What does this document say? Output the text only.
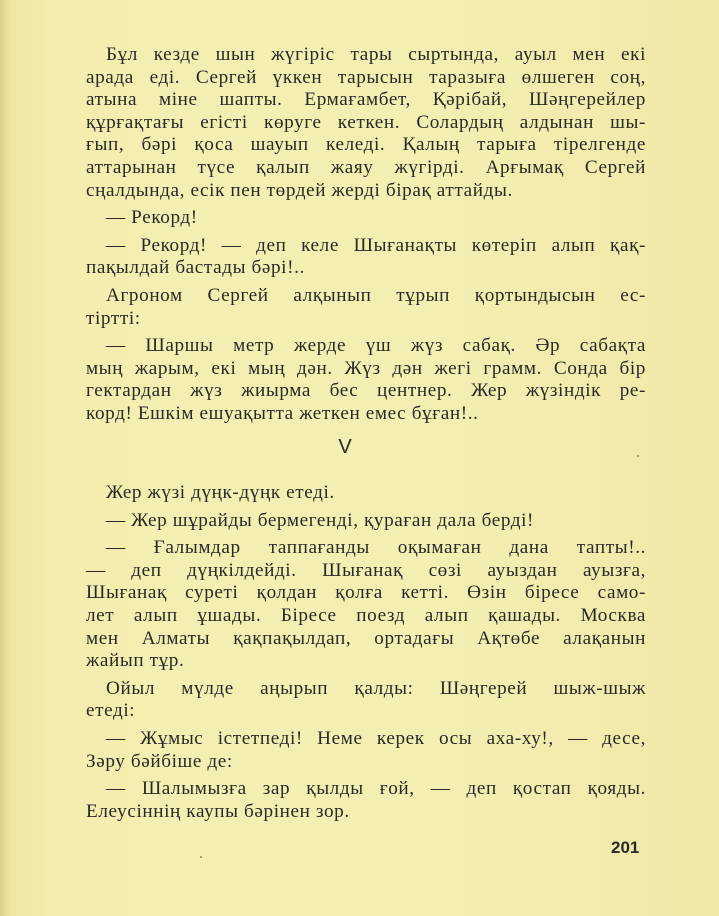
Бұл кезде шын жүгіріс тары сыртында, ауыл мен екі
арада еді. Сергей үккен тарысын таразыға өлшеген соң,
атына міне шапты. Ермағамбет, Қәрібай, Шәңгерейлер
құрғақтағы егісті көруге кеткен. Солардың алдынан шы-
ғып, бәрі қоса шауып келеді. Қалың тарыға тірелгенде
аттарынан түсе қалып жаяу жүгірді. Арғымақ Сергей
сңалдында, есік пен төрдей жерді бірақ аттайды.
— Рекорд!
— Рекорд! — деп келе Шығанақты көтеріп алып қақ-
пақылдай бастады бәрі!..
Агроном Сергей алқынып тұрып қортындысын ес-
тіртті:
— Шаршы метр жерде үш жүз сабақ. Әр сабақта
мың жарым, екі мың дән. Жүз дән жегі грамм. Сонда бір
гектардан жүз жиырма бес центнер. Жер жүзіндік ре-
корд! Ешкім ешуақытта жеткен емес бұған!..
V
Жер жүзі дүңк-дүңк етеді.
— Жер шұрайды бермегенді, қураған дала берді!
— Ғалымдар таппағанды оқымаған дана тапты!..
— деп дүңкілдейді. Шығанақ сөзі ауыздан ауызға,
Шығанақ суреті қолдан қолға кетті. Өзін біресе само-
лет алып ұшады. Біресе поезд алып қашады. Москва
мен Алматы қақпақылдап, ортадағы Ақтөбе алақанын
жайып тұр.
Ойыл мүлде аңырып қалды: Шәңгерей шыж-шыж
етеді:
— Жұмыс істетпеді! Неме керек осы аха-ху!, — десе,
Зәру бәйбіше де:
— Шалымызға зар қылды ғой, — деп қостап қояды.
Елеусіннің каупы бәрінен зор.
201
